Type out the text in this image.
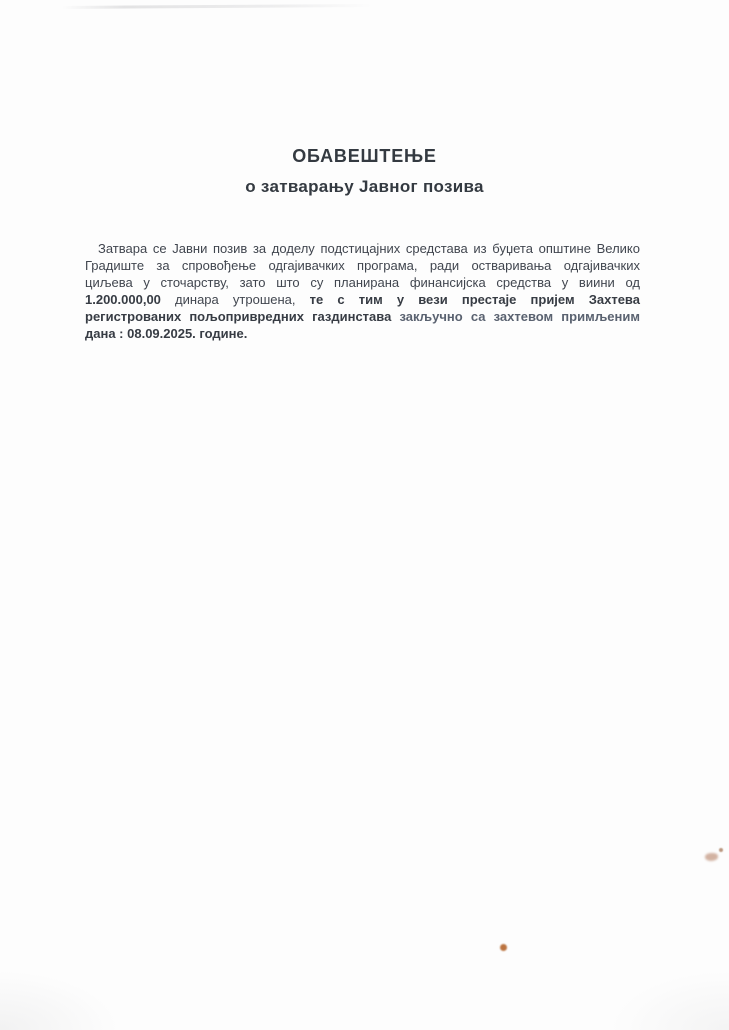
ОБАВЕШТЕЊЕ
о затварању Јавног позива
Затвара се Јавни позив за доделу подстицајних средстава из буџета општине Велико
Градиште за спровођење одгајивачких програма, ради остваривања одгајивачких
циљева у сточарству, зато што су планирана финансијска средства у виини од
1.200.000,00 динара утрошена, те с тим у вези престаје пријем Захтева
регистрованих пољопривредних газдинстава закључно са захтевом примљеним
дана : 08.09.2025. године.
